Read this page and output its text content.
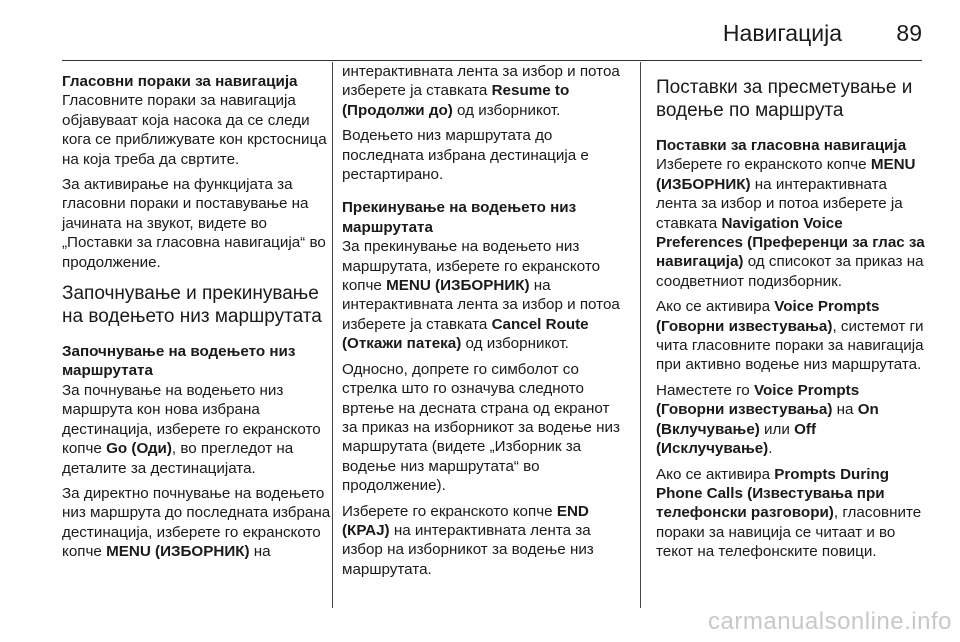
Навигација 89

Гласовни пораки за навигација

Гласовните пораки за навигација објавуваат која насока да се следи кога се приближувате кон крстосница на која треба да свртите.

За активирање на функцијата за гласовни пораки и поставување на јачината на звукот, видете во „Поставки за гласовна навигација“ во продолжение.

Започнување и прекинување на водењето низ маршрутата

Започнување на водењето низ маршрутата

За почнување на водењето низ маршрута кон нова избрана дестинација, изберете го екранското копче Go (Оди), во прегледот на деталите за дестинацијата.

За директно почнување на водењето низ маршрута до последната избрана дестинација, изберете го екранското копче MENU (ИЗБОРНИК) на

интерактивната лента за избор и потоа изберете ја ставката Resume to (Продолжи до) од изборникот.

Водењето низ маршрутата до последната избрана дестинација е рестартирано.

Прекинување на водењето низ маршрутата

За прекинување на водењето низ маршрутата, изберете го екранското копче MENU (ИЗБОРНИК) на интерактивната лента за избор и потоа изберете ја ставката Cancel Route (Откажи патека) од изборникот.

Односно, допрете го симболот со стрелка што го означува следното вртење на десната страна од екранот за приказ на изборникот за водење низ маршрутата (видете „Изборник за водење низ маршрутата“ во продолжение).

Изберете го екранското копче END (КРАЈ) на интерактивната лента за избор на изборникот за водење низ маршрутата.

Поставки за пресметување и водење по маршрута

Поставки за гласовна навигација

Изберете го екранското копче MENU (ИЗБОРНИК) на интерактивната лента за избор и потоа изберете ја ставката Navigation Voice Preferences (Преференци за глас за навигација) од списокот за приказ на соодветниот подизборник.

Ако се активира Voice Prompts (Говорни известувања), системот ги чита гласовните пораки за навигација при активно водење низ маршрутата.

Наместете го Voice Prompts (Говорни известувања) на On (Вклучување) или Off (Исклучување).

Ако се активира Prompts During Phone Calls (Известувања при телефонски разговори), гласовните пораки за навиција се читаат и во текот на телефонските повици.

carmanualsonline.info
